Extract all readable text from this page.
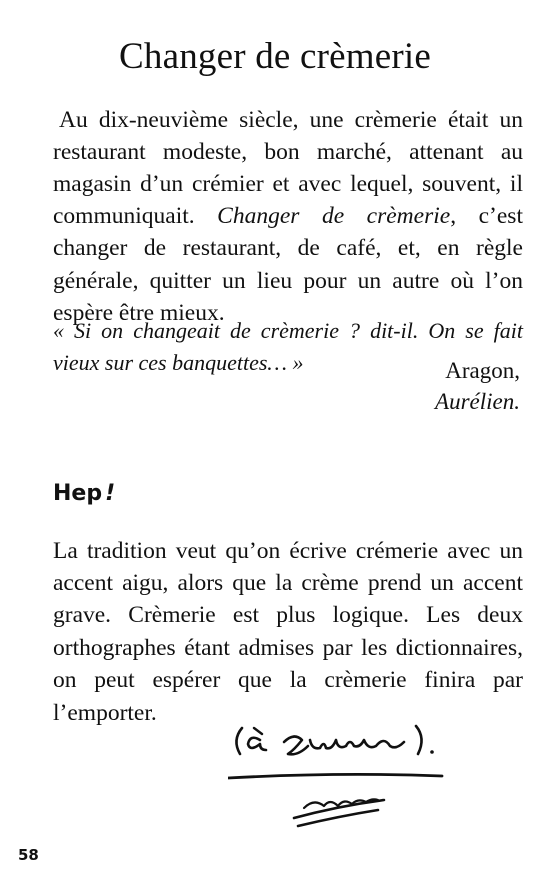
Changer de crèmerie

Au dix-neuvième siècle, une crèmerie était un restaurant modeste, bon marché, attenant au magasin d’un crémier et avec lequel, souvent, il communiquait. Changer de crèmerie, c’est changer de restaurant, de café, et, en règle générale, quitter un lieu pour un autre où l’on espère être mieux.

« Si on changeait de crèmerie ? dit-il. On se fait vieux sur ces banquettes… »	Aragon,
Aurélien.
Hep !

La tradition veut qu’on écrive crémerie avec un accent aigu, alors que la crème prend un accent grave. Crèmerie est plus logique. Les deux orthographes étant admises par les dictionnaires, on peut espérer que la crèmerie finira par l’emporter.

58
